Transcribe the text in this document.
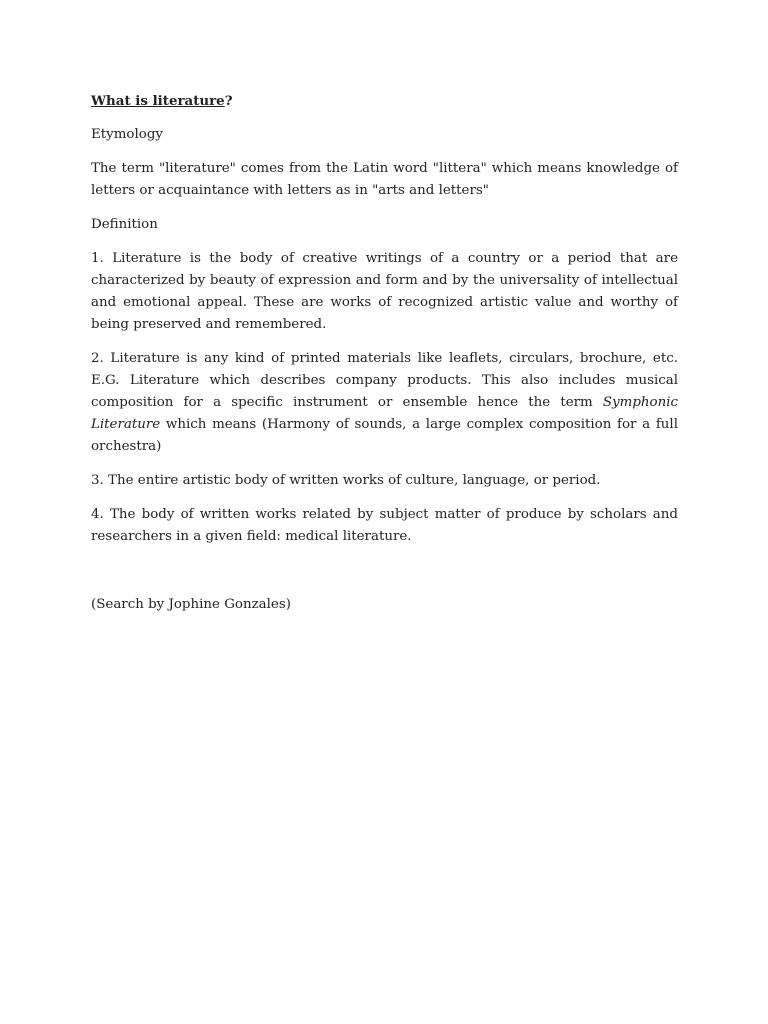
What is literature?

Etymology

The term "literature" comes from the Latin word "littera" which means knowledge of letters or acquaintance with letters as in "arts and letters"

Definition

1. Literature is the body of creative writings of a country or a period that are characterized by beauty of expression and form and by the universality of intellectual and emotional appeal. These are works of recognized artistic value and worthy of being preserved and remembered.

2. Literature is any kind of printed materials like leaflets, circulars, brochure, etc. E.G. Literature which describes company products. This also includes musical composition for a specific instrument or ensemble hence the term Symphonic Literature which means (Harmony of sounds, a large complex composition for a full orchestra)

3. The entire artistic body of written works of culture, language, or period.

4. The body of written works related by subject matter of produce by scholars and researchers in a given field: medical literature.

(Search by Jophine Gonzales)
